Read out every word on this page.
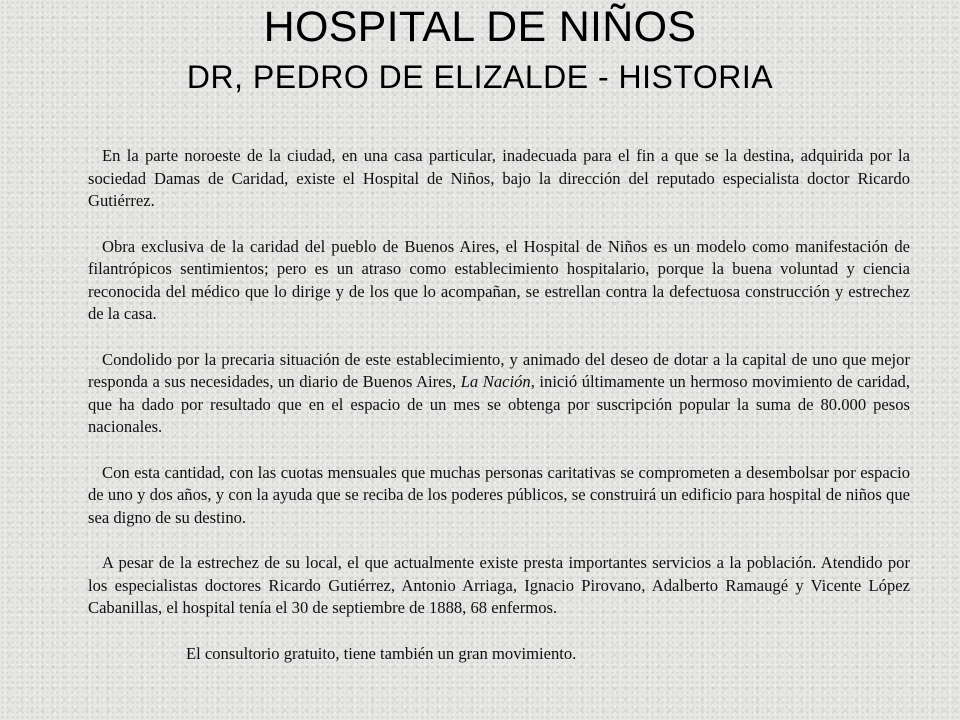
HOSPITAL DE NIÑOS
DR, PEDRO DE ELIZALDE - HISTORIA

En la parte noroeste de la ciudad, en una casa particular, inadecuada para el fin a que se la destina, adquirida por la sociedad Damas de Caridad, existe el Hospital de Niños, bajo la dirección del reputado especialista doctor Ricardo Gutiérrez.

Obra exclusiva de la caridad del pueblo de Buenos Aires, el Hospital de Niños es un modelo como manifestación de filantrópicos sentimientos; pero es un atraso como establecimiento hospitalario, porque la buena voluntad y ciencia reconocida del médico que lo dirige y de los que lo acompañan, se estrellan contra la defectuosa construcción y estrechez de la casa.

Condolido por la precaria situación de este establecimiento, y animado del deseo de dotar a la capital de uno que mejor responda a sus necesidades, un diario de Buenos Aires, La Nación, inició últimamente un hermoso movimiento de caridad, que ha dado por resultado que en el espacio de un mes se obtenga por suscripción popular la suma de 80.000 pesos nacionales.

Con esta cantidad, con las cuotas mensuales que muchas personas caritativas se comprometen a desembolsar por espacio de uno y dos años, y con la ayuda que se reciba de los poderes públicos, se construirá un edificio para hospital de niños que sea digno de su destino.

A pesar de la estrechez de su local, el que actualmente existe presta importantes servicios a la población. Atendido por los especialistas doctores Ricardo Gutiérrez, Antonio Arriaga, Ignacio Pirovano, Adalberto Ramaugé y Vicente López Cabanillas, el hospital tenía el 30 de septiembre de 1888, 68 enfermos.

El consultorio gratuito, tiene también un gran movimiento.
